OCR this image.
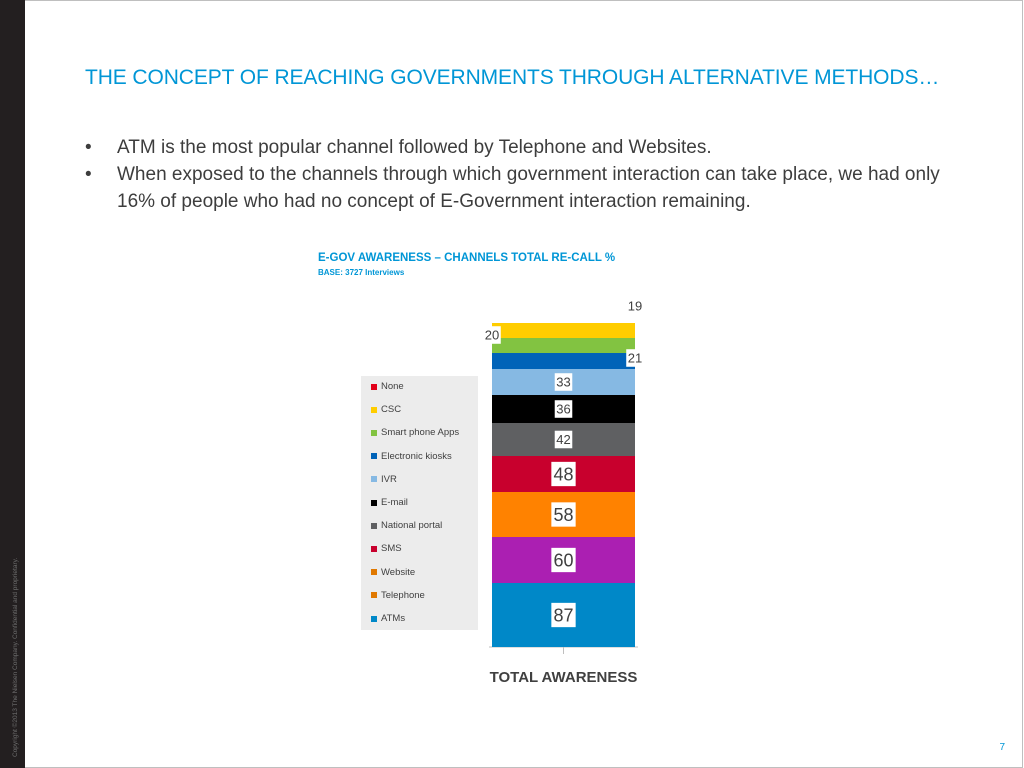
Copyright ©2013 The Nielsen Company. Confidential and proprietary.
THE CONCEPT OF REACHING GOVERNMENTS THROUGH ALTERNATIVE METHODS…
• ATM is the most popular channel followed by Telephone and Websites.
• When exposed to the channels through which government interaction can take place, we had only 16% of people who had no concept of E-Government interaction remaining.
E-GOV AWARENESS – CHANNELS TOTAL RE-CALL %
BASE: 3727 Interviews
None
CSC
Smart phone Apps
Electronic kiosks
IVR
E-mail
National portal
SMS
Website
Telephone
ATMs	87
60
58
48
42
36
33
21
20
19
TOTAL AWARENESS
7
